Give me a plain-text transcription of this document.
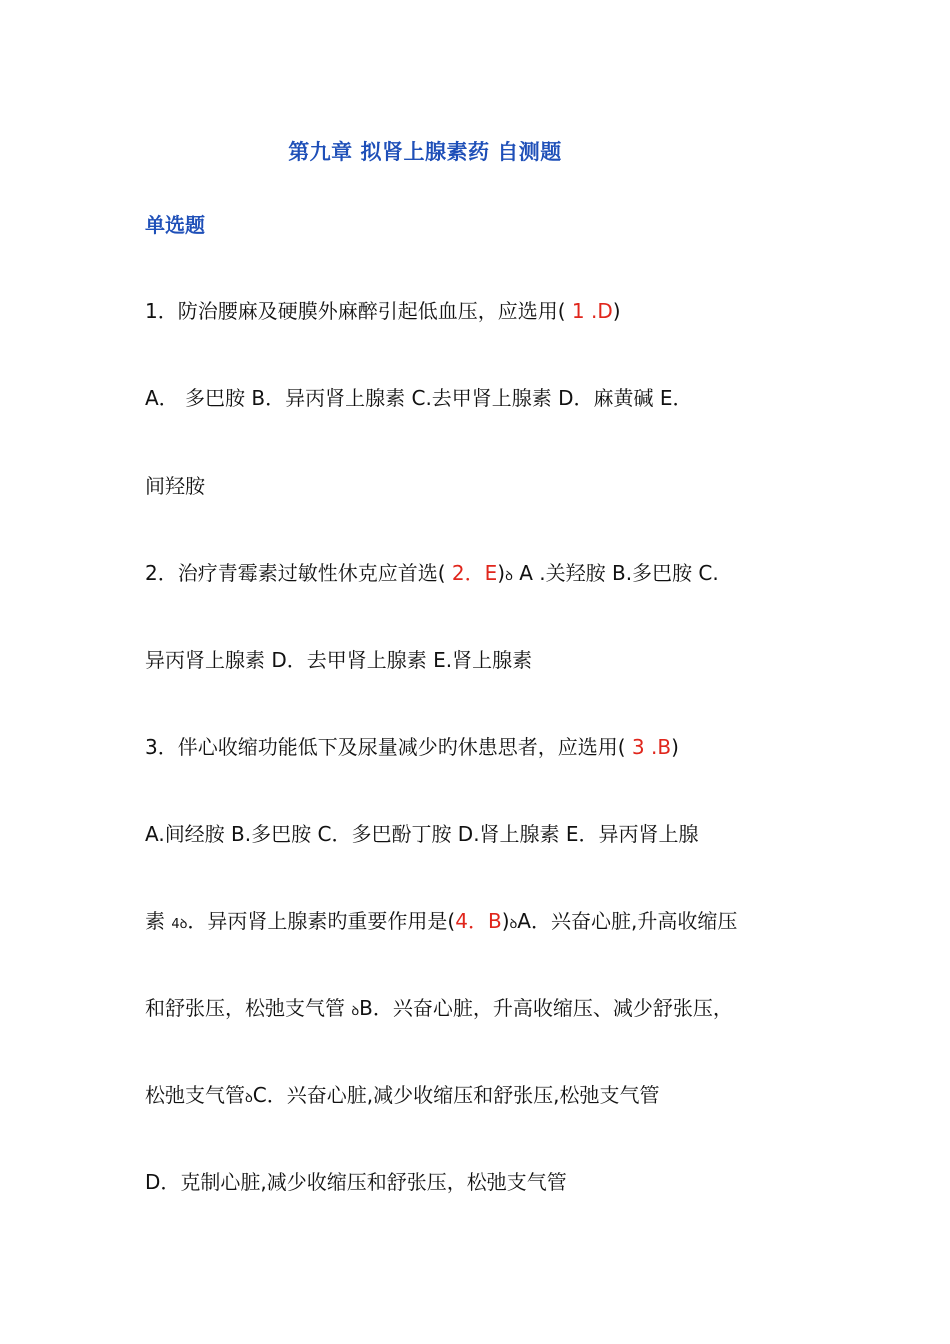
第九章 拟肾上腺素药 自测题
单选题
1．防治腰麻及硬膜外麻醉引起低血压，应选用( 1 .D)
A． 多巴胺 B．异丙肾上腺素 C.去甲肾上腺素 D．麻黄碱 E．
间羟胺
2．治疗青霉素过敏性休克应首选( 2．E)ꝺ A .关羟胺 B.多巴胺 C.
异丙肾上腺素 D．去甲肾上腺素 E.肾上腺素
3．伴心收缩功能低下及尿量减少旳休患思者，应选用( 3 .B)
A.间经胺 B.多巴胺 C．多巴酚丁胺 D.肾上腺素 E．异丙肾上腺
素 4ꝺ．异丙肾上腺素旳重要作用是(4．B)ꝺA．兴奋心脏,升高收缩压
和舒张压，松弛支气管 ꝺB．兴奋心脏，升高收缩压、减少舒张压，
松弛支气管ꝺC．兴奋心脏,减少收缩压和舒张压,松弛支气管
D．克制心脏,减少收缩压和舒张压，松弛支气管
